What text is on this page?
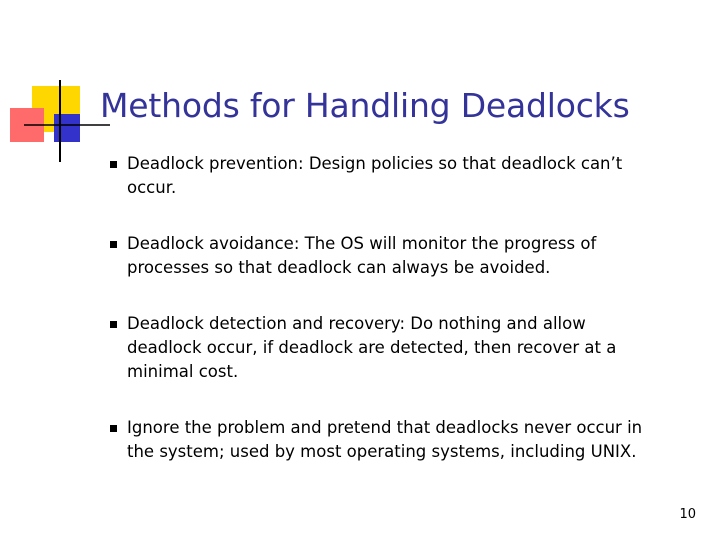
Methods for Handling Deadlocks
Deadlock prevention: Design policies so that deadlock can’t occur.
Deadlock avoidance: The OS will monitor the progress of processes so that deadlock can always be avoided.
Deadlock detection and recovery: Do nothing and allow deadlock occur, if deadlock are detected, then recover at a minimal cost.
Ignore the problem and pretend that deadlocks never occur in the system; used by most operating systems, including UNIX.
10
